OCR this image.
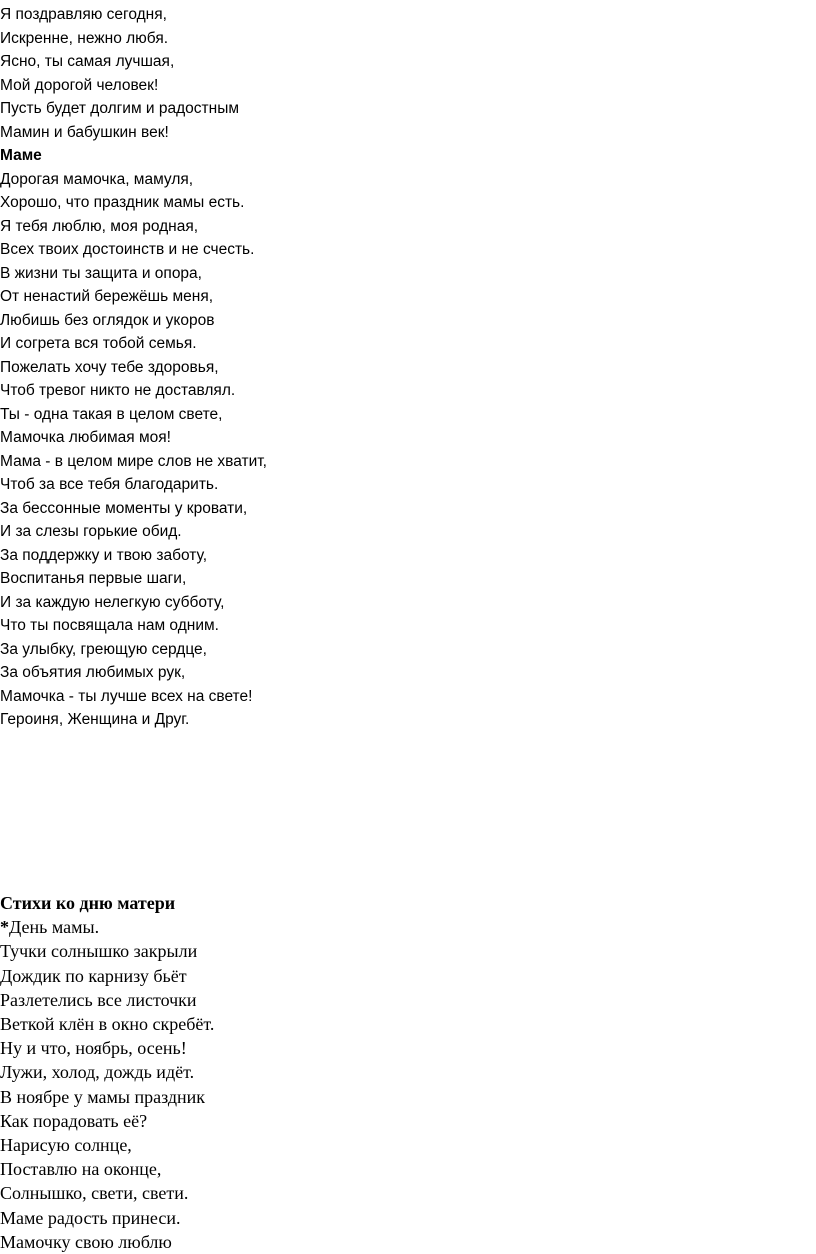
Я поздравляю сегодня,

Искренне, нежно любя.

Ясно, ты самая лучшая,

Мой дорогой человек!

Пусть будет долгим и радостным

Мамин и бабушкин век!

Маме

Дорогая мамочка, мамуля,

Хорошо, что праздник мамы есть.

Я тебя люблю, моя родная,

Всех твоих достоинств и не счесть.

В жизни ты защита и опора,

От ненастий бережёшь меня,

Любишь без оглядок и укоров

И согрета вся тобой семья.

Пожелать хочу тебе здоровья,

Чтоб тревог никто не доставлял.

Ты - одна такая в целом свете,

Мамочка любимая моя!

Мама - в целом мире слов не хватит,

Чтоб за все тебя благодарить.

За бессонные моменты у кровати,

И за слезы горькие обид.

За поддержку и твою заботу,

Воспитанья первые шаги,

И за каждую нелегкую субботу,

Что ты посвящала нам одним.

За улыбку, греющую сердце,

За объятия любимых рук,

Мамочка - ты лучше всех на свете!

Героиня, Женщина и Друг.

Стихи ко дню матери

*День мамы.

Тучки солнышко закрыли

Дождик по карнизу бьёт

Разлетелись все листочки

Веткой клён в окно скребёт.

Ну и что, ноябрь, осень!

Лужи, холод, дождь идёт.

В ноябре у мамы праздник

Как порадовать её?

Нарисую солнце,

Поставлю на оконце,

Солнышко, свети, свети.

Маме радость принеси.

Мамочку свою люблю
